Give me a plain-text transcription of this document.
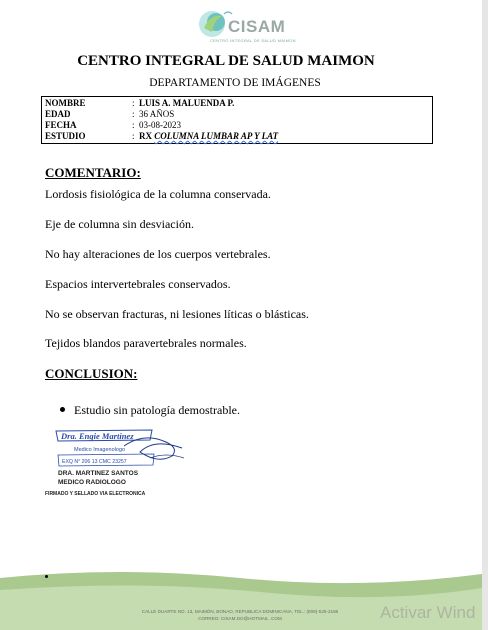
CISAM
CENTRO INTEGRAL DE SALUD MAIMON
CENTRO INTEGRAL DE SALUD MAIMON
DEPARTAMENTO DE IMÁGENES
NOMBRE	: LUIS A. MALUENDA P.
EDAD	: 36 AÑOS
FECHA	: 03-08-2023
ESTUDIO	: RX COLUMNA LUMBAR AP Y LAT
COMENTARIO:
Lordosis fisiológica de la columna conservada.
Eje de columna sin desviación.
No hay alteraciones de los cuerpos vertebrales.
Espacios intervertebrales conservados.
No se observan fracturas, ni lesiones líticas o blásticas.
Tejidos blandos paravertebrales normales.
CONCLUSION:
Estudio sin patología demostrable.
Dra. Engie Martinez
Medico Imagenologo
EXQ N° 206 13 CMC 23257
DRA. MARTINEZ SANTOS
MEDICO RADIOLOGO
FIRMADO Y SELLADO VIA ELECTRONICA
CALLE DUARTE NO. 13, MAIMÓN, BONAO, REPUBLICA DOMINICANA, TEL.: (809)-525-2186
CORREO: CISAM.DO@HOTMAIL .COM	Activar Wind
